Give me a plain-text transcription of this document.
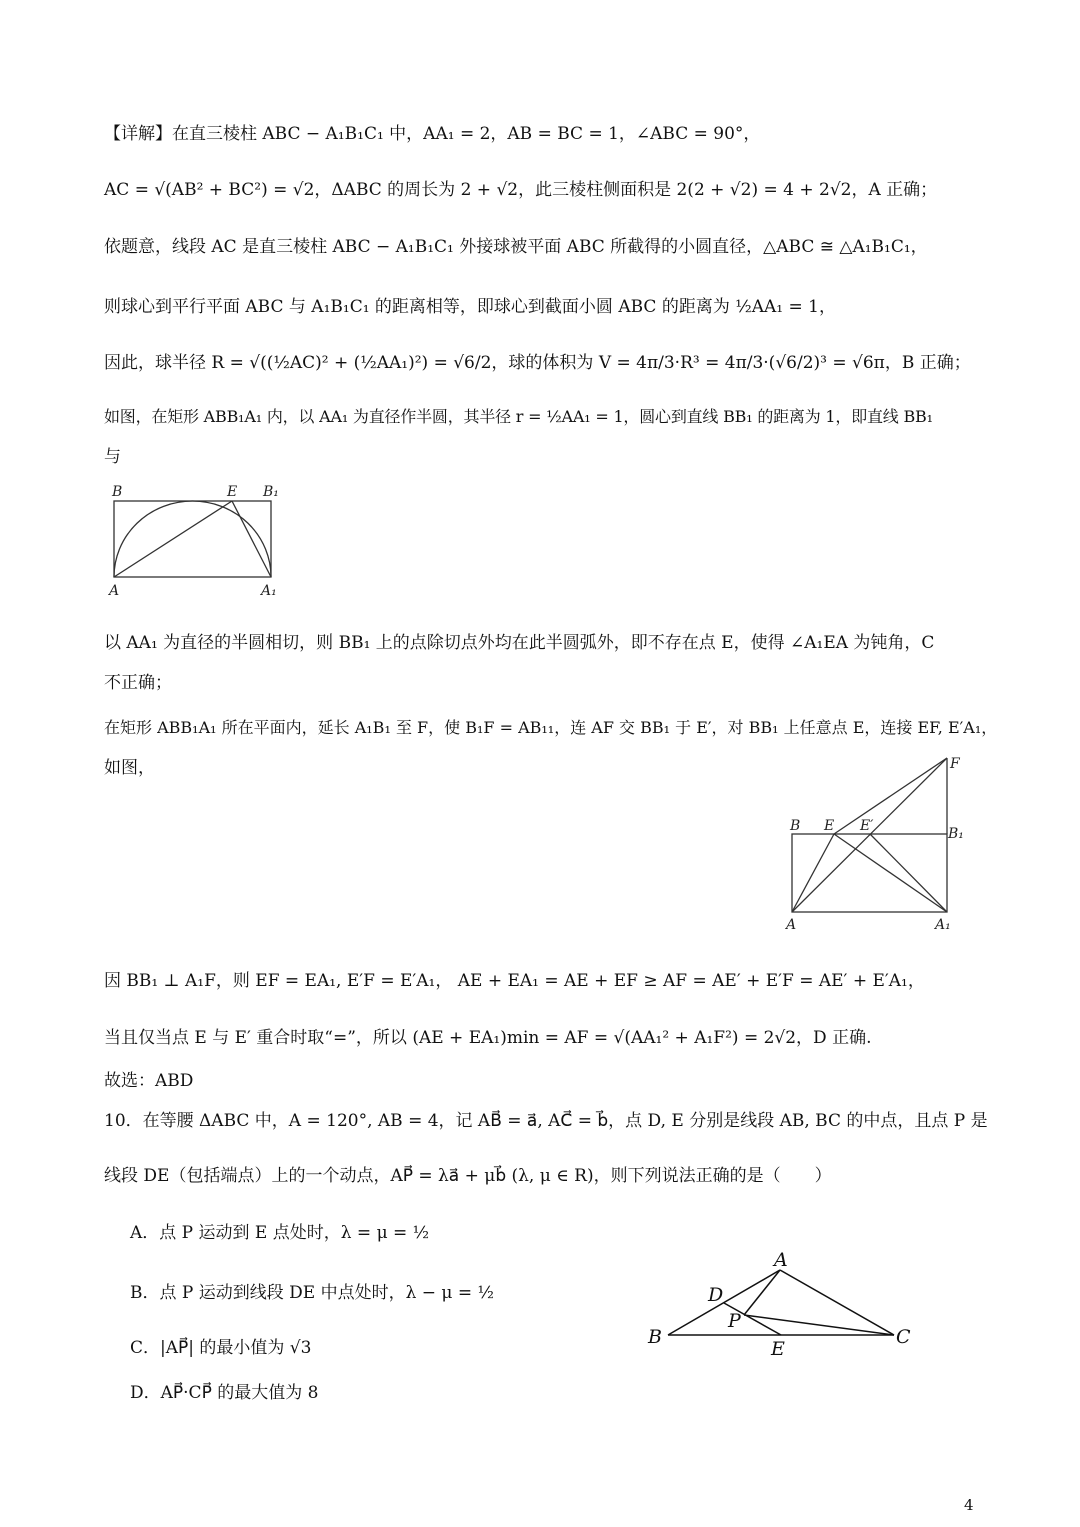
【详解】在直三棱柱 ABC − A₁B₁C₁ 中，AA₁ = 2，AB = BC = 1，∠ABC = 90°，
AC = √(AB² + BC²) = √2，ΔABC 的周长为 2 + √2，此三棱柱侧面积是 2(2 + √2) = 4 + 2√2，A 正确；
依题意，线段 AC 是直三棱柱 ABC − A₁B₁C₁ 外接球被平面 ABC 所截得的小圆直径，△ABC ≅ △A₁B₁C₁，
则球心到平行平面 ABC 与 A₁B₁C₁ 的距离相等，即球心到截面小圆 ABC 的距离为 ½AA₁ = 1，
因此，球半径 R = √((½AC)² + (½AA₁)²) = √6/2，球的体积为 V = 4π/3·R³ = 4π/3·(√6/2)³ = √6π，B 正确；
如图，在矩形 ABB₁A₁ 内，以 AA₁ 为直径作半圆，其半径 r = ½AA₁ = 1，圆心到直线 BB₁ 的距离为 1，即直线 BB₁
与
B	E B₁
A	A₁
以 AA₁ 为直径的半圆相切，则 BB₁ 上的点除切点外均在此半圆弧外，即不存在点 E，使得 ∠A₁EA 为钝角，C
不正确；
在矩形 ABB₁A₁ 所在平面内，延长 A₁B₁ 至 F，使 B₁F = AB₁₁，连 AF 交 BB₁ 于 E′，对 BB₁ 上任意点 E，连接 EF, E′A₁，
如图，	F
B E E′	B₁
A	A₁
因 BB₁ ⊥ A₁F，则 EF = EA₁, E′F = E′A₁， AE + EA₁ = AE + EF ≥ AF = AE′ + E′F = AE′ + E′A₁，
当且仅当点 E 与 E′ 重合时取“=”，所以 (AE + EA₁)min = AF = √(AA₁² + A₁F²) = 2√2，D 正确.
故选：ABD
10．在等腰 ΔABC 中，A = 120°, AB = 4，记 AB⃗ = a⃗, AC⃗ = b⃗，点 D, E 分别是线段 AB, BC 的中点，且点 P 是
线段 DE（包括端点）上的一个动点，AP⃗ = λa⃗ + μb⃗ (λ, μ ∈ R)，则下列说法正确的是（　　）
A．点 P 运动到 E 点处时，λ = μ = ½
B．点 P 运动到线段 DE 中点处时，λ − μ = ½
C．|AP⃗| 的最小值为 √3
D．AP⃗·CP⃗ 的最大值为 8
A
D
P
B
E
C
4
